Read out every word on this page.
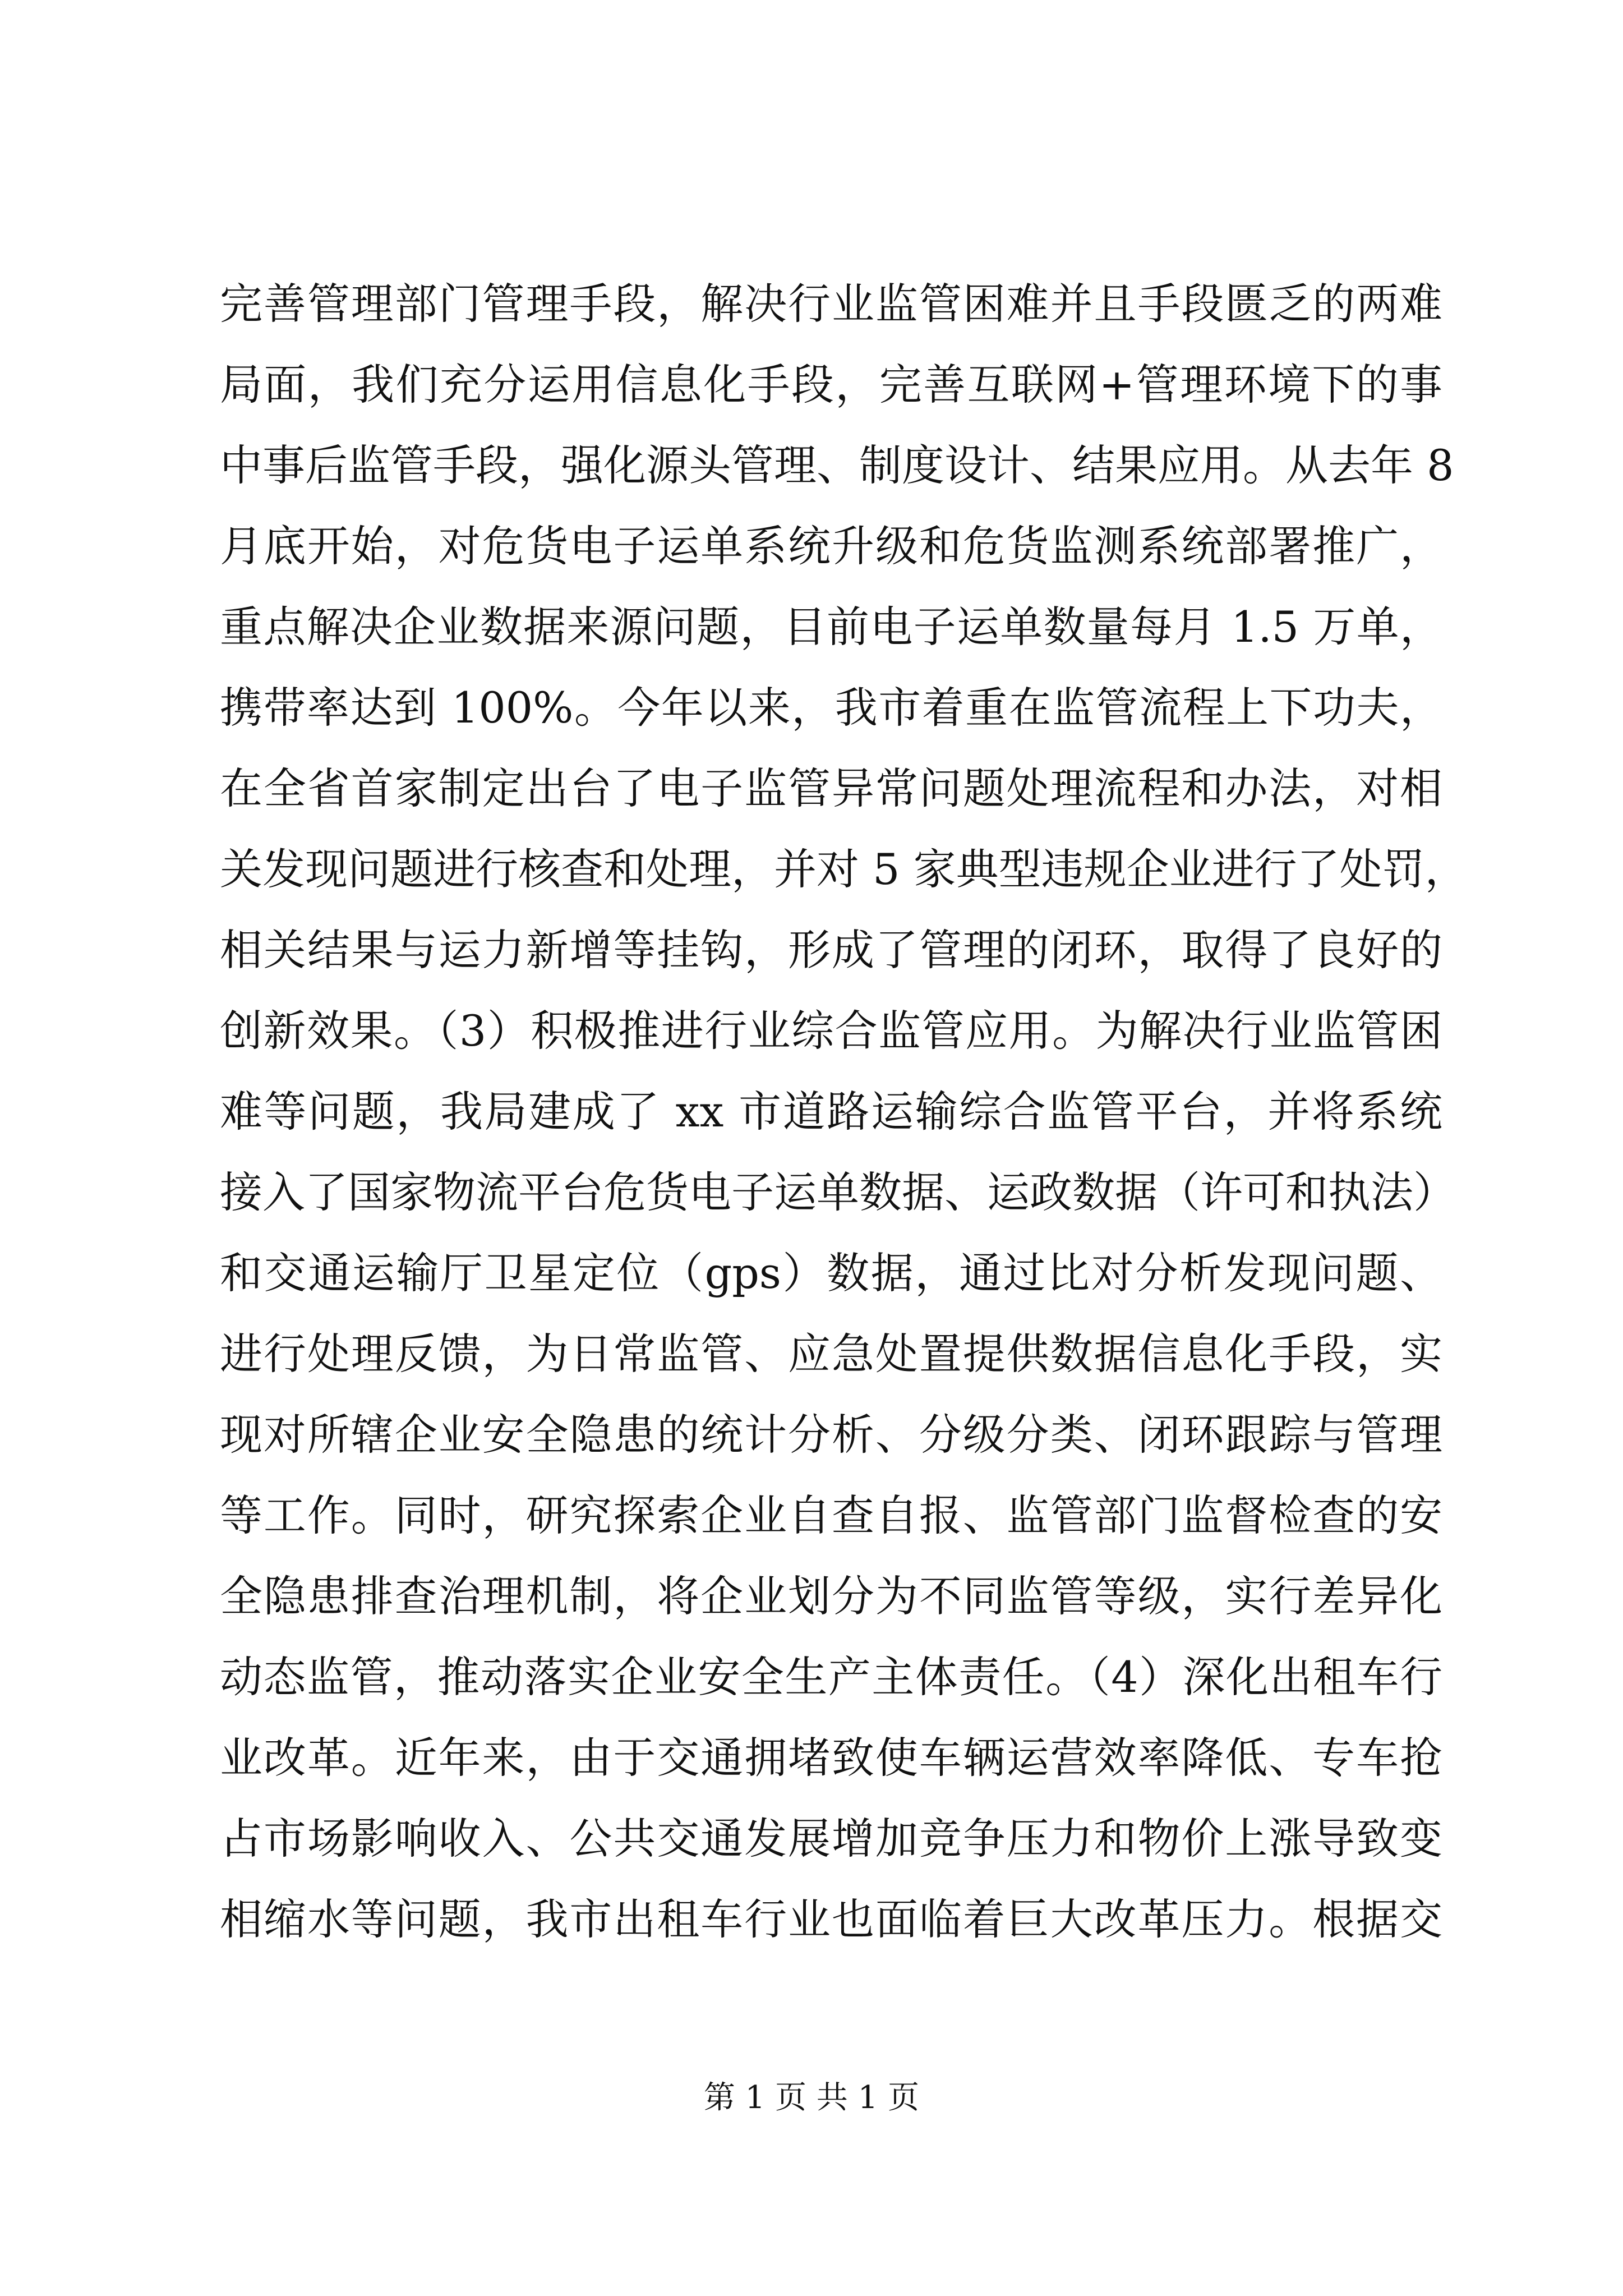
完善管理部门管理手段，解决行业监管困难并且手段匮乏的两难
局面，我们充分运用信息化手段，完善互联网+管理环境下的事
中事后监管手段，强化源头管理、制度设计、结果应用。从去年 8
月底开始，对危货电子运单系统升级和危货监测系统部署推广，
重点解决企业数据来源问题，目前电子运单数量每月 1.5 万单，
携带率达到 100%。今年以来，我市着重在监管流程上下功夫，
在全省首家制定出台了电子监管异常问题处理流程和办法，对相
关发现问题进行核查和处理，并对 5 家典型违规企业进行了处罚，
相关结果与运力新增等挂钩，形成了管理的闭环，取得了良好的
创新效果。（3）积极推进行业综合监管应用。为解决行业监管困
难等问题，我局建成了 xx 市道路运输综合监管平台，并将系统
接入了国家物流平台危货电子运单数据、运政数据（许可和执法）
和交通运输厅卫星定位（gps）数据，通过比对分析发现问题、
进行处理反馈，为日常监管、应急处置提供数据信息化手段，实
现对所辖企业安全隐患的统计分析、分级分类、闭环跟踪与管理
等工作。同时，研究探索企业自查自报、监管部门监督检查的安
全隐患排查治理机制，将企业划分为不同监管等级，实行差异化
动态监管，推动落实企业安全生产主体责任。（4）深化出租车行
业改革。近年来，由于交通拥堵致使车辆运营效率降低、专车抢
占市场影响收入、公共交通发展增加竞争压力和物价上涨导致变
相缩水等问题，我市出租车行业也面临着巨大改革压力。根据交
第 1 页 共 1 页
